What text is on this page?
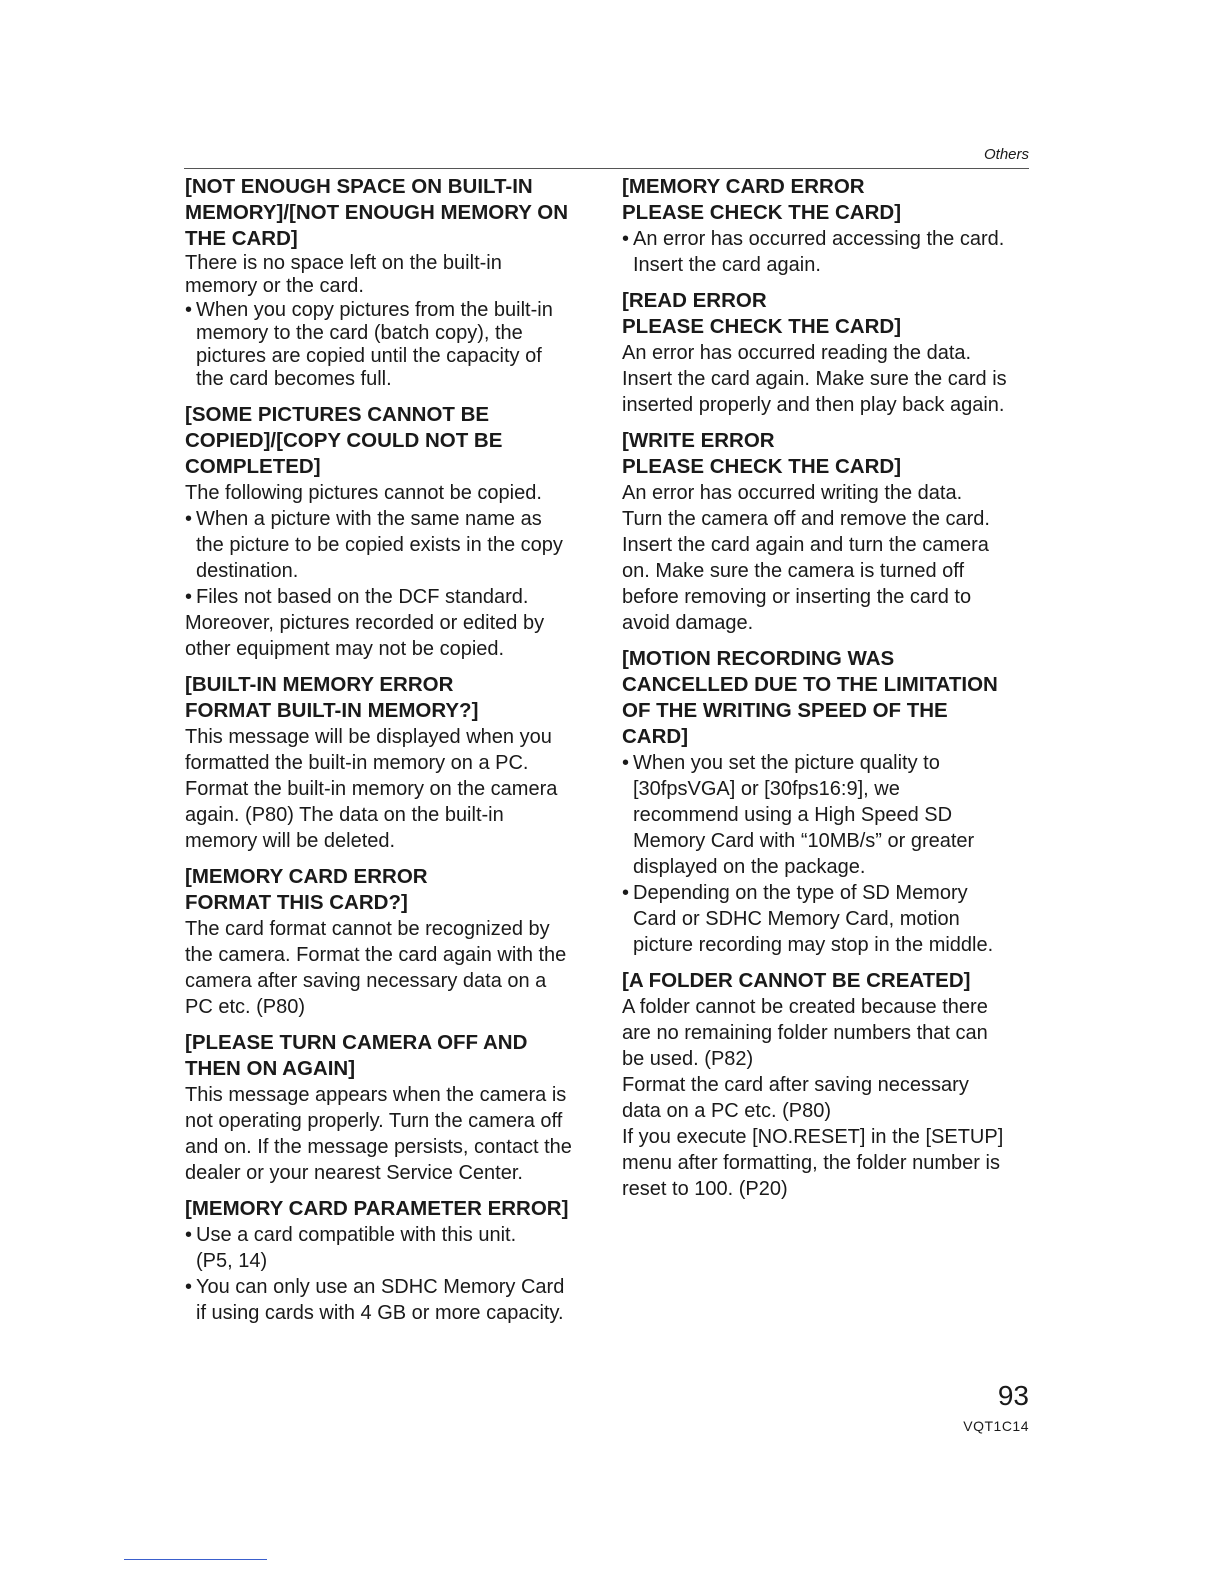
Others
[NOT ENOUGH SPACE ON BUILT-IN
MEMORY]/[NOT ENOUGH MEMORY ON
THE CARD]
There is no space left on the built-in
memory or the card.
• When you copy pictures from the built-in
memory to the card (batch copy), the
pictures are copied until the capacity of
the card becomes full.
[SOME PICTURES CANNOT BE
COPIED]/[COPY COULD NOT BE
COMPLETED]
The following pictures cannot be copied.
• When a picture with the same name as
the picture to be copied exists in the copy
destination.
• Files not based on the DCF standard.
Moreover, pictures recorded or edited by
other equipment may not be copied.
[BUILT-IN MEMORY ERROR
FORMAT BUILT-IN MEMORY?]
This message will be displayed when you
formatted the built-in memory on a PC.
Format the built-in memory on the camera
again. (P80) The data on the built-in
memory will be deleted.
[MEMORY CARD ERROR
FORMAT THIS CARD?]
The card format cannot be recognized by
the camera. Format the card again with the
camera after saving necessary data on a
PC etc. (P80)
[PLEASE TURN CAMERA OFF AND
THEN ON AGAIN]
This message appears when the camera is
not operating properly. Turn the camera off
and on. If the message persists, contact the
dealer or your nearest Service Center.
[MEMORY CARD PARAMETER ERROR]
• Use a card compatible with this unit.
(P5, 14)
• You can only use an SDHC Memory Card
if using cards with 4 GB or more capacity.
[MEMORY CARD ERROR
PLEASE CHECK THE CARD]
• An error has occurred accessing the card.
Insert the card again.
[READ ERROR
PLEASE CHECK THE CARD]
An error has occurred reading the data.
Insert the card again. Make sure the card is
inserted properly and then play back again.
[WRITE ERROR
PLEASE CHECK THE CARD]
An error has occurred writing the data.
Turn the camera off and remove the card.
Insert the card again and turn the camera
on. Make sure the camera is turned off
before removing or inserting the card to
avoid damage.
[MOTION RECORDING WAS
CANCELLED DUE TO THE LIMITATION
OF THE WRITING SPEED OF THE
CARD]
• When you set the picture quality to
[30fpsVGA] or [30fps16:9], we
recommend using a High Speed SD
Memory Card with “10MB/s” or greater
displayed on the package.
• Depending on the type of SD Memory
Card or SDHC Memory Card, motion
picture recording may stop in the middle.
[A FOLDER CANNOT BE CREATED]
A folder cannot be created because there
are no remaining folder numbers that can
be used. (P82)
Format the card after saving necessary
data on a PC etc. (P80)
If you execute [NO.RESET] in the [SETUP]
menu after formatting, the folder number is
reset to 100. (P20)
93
VQT1C14
